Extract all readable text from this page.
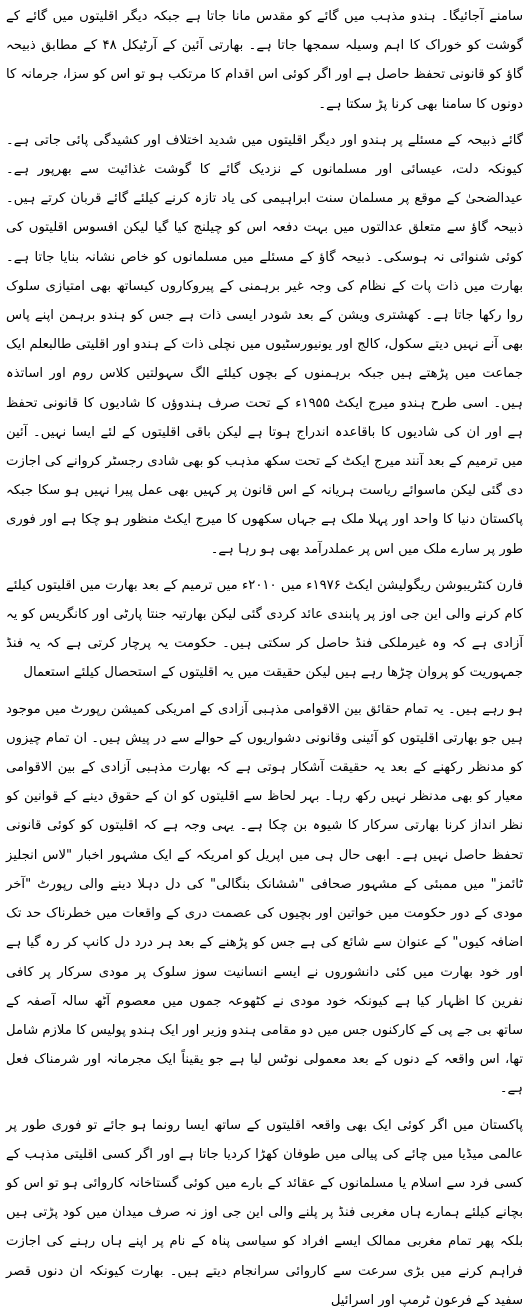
سامنے آجائیگا۔ ہندو مذہب میں گائے کو مقدس مانا جاتا ہے جبکہ دیگر اقلیتوں میں گائے کے گوشت کو خوراک کا اہم وسیلہ سمجھا جاتا ہے۔ بھارتی آئین کے آرٹیکل ۴۸ کے مطابق ذبیحہ گاؤ کو قانونی تحفظ حاصل ہے اور اگر کوئی اس اقدام کا مرتکب ہو تو اس کو سزا، جرمانہ کا دونوں کا سامنا بھی کرنا پڑ سکتا ہے۔

گائے ذبیحہ کے مسئلے پر ہندو اور دیگر اقلیتوں میں شدید اختلاف اور کشیدگی پائی جاتی ہے۔ کیونکہ دلت، عیسائی اور مسلمانوں کے نزدیک گائے کا گوشت غذائیت سے بھرپور ہے۔ عیدالضحیٰ کے موقع پر مسلمان سنت ابراہیمی کی یاد تازہ کرنے کیلئے گائے قربان کرتے ہیں۔ ذبیحہ گاؤ سے متعلق عدالتوں میں بہت دفعہ اس کو چیلنج کیا گیا لیکن افسوس اقلیتوں کی کوئی شنوائی نہ ہوسکی۔ ذبیحہ گاؤ کے مسئلے میں مسلمانوں کو خاص نشانہ بنایا جاتا ہے۔ بھارت میں ذات پات کے نظام کی وجہ غیر برہمنی کے پیروکاروں کیساتھ بھی امتیازی سلوک روا رکھا جاتا ہے۔ کھشتری ویشن کے بعد شودر ایسی ذات ہے جس کو ہندو برہمن اپنے پاس بھی آنے نہیں دیتے سکول، کالج اور یونیورسٹیوں میں نچلی ذات کے ہندو اور اقلیتی طالبعلم ایک جماعت میں پڑھتے ہیں جبکہ برہمنوں کے بچوں کیلئے الگ سہولتیں کلاس روم اور اساتذہ ہیں۔ اسی طرح ہندو میرج ایکٹ ۱۹۵۵ء کے تحت صرف ہندوؤں کا شادیوں کا قانونی تحفظ ہے اور ان کی شادیوں کا باقاعدہ اندراج ہوتا ہے لیکن باقی اقلیتوں کے لئے ایسا نہیں۔ آئین میں ترمیم کے بعد آنند میرج ایکٹ کے تحت سکھ مذہب کو بھی شادی رجسٹر کروانے کی اجازت دی گئی لیکن ماسوائے ریاست ہریانہ کے اس قانون پر کہیں بھی عمل پیرا نہیں ہو سکا جبکہ پاکستان دنیا کا واحد اور پہلا ملک ہے جہاں سکھوں کا میرج ایکٹ منظور ہو چکا ہے اور فوری طور پر سارے ملک میں اس پر عملدرآمد بھی ہو رہا ہے۔

فارن کنٹریبوشن ریگولیشن ایکٹ ۱۹۷۶ء میں ۲۰۱۰ء میں ترمیم کے بعد بھارت میں اقلیتوں کیلئے کام کرنے والی این جی اوز پر پابندی عائد کردی گئی لیکن بھارتیہ جنتا پارٹی اور کانگریس کو یہ آزادی ہے کہ وہ غیرملکی فنڈ حاصل کر سکتی ہیں۔ حکومت یہ پرچار کرتی ہے کہ یہ فنڈ جمہوریت کو پروان چڑھا رہے ہیں لیکن حقیقت میں یہ اقلیتوں کے استحصال کیلئے استعمال

ہو رہے ہیں۔ یہ تمام حقائق بین الاقوامی مذہبی آزادی کے امریکی کمیشن رپورٹ میں موجود ہیں جو بھارتی اقلیتوں کو آئینی وقانونی دشواریوں کے حوالے سے در پیش ہیں۔ ان تمام چیزوں کو مدنظر رکھنے کے بعد یہ حقیقت آشکار ہوتی ہے کہ بھارت مذہبی آزادی کے بین الاقوامی معیار کو بھی مدنظر نہیں رکھ رہا۔ بہر لحاظ سے اقلیتوں کو ان کے حقوق دینے کے قوانین کو نظر انداز کرنا بھارتی سرکار کا شیوہ بن چکا ہے۔ یہی وجہ ہے کہ اقلیتوں کو کوئی قانونی تحفظ حاصل نہیں ہے۔ ابھی حال ہی میں اپریل کو امریکہ کے ایک مشہور اخبار "لاس انجلیز ٹائمز" میں ممبئی کے مشہور صحافی "ششانک بنگالی" کی دل دہلا دینے والی رپورٹ "آخر مودی کے دور حکومت میں خواتین اور بچیوں کی عصمت دری کے واقعات میں خطرناک حد تک اضافہ کیوں" کے عنوان سے شائع کی ہے جس کو پڑھنے کے بعد ہر درد دل کانپ کر رہ گیا ہے اور خود بھارت میں کئی دانشوروں نے ایسے انسانیت سوز سلوک پر مودی سرکار پر کافی نفرین کا اظہار کیا ہے کیونکہ خود مودی نے کٹھوعہ جموں میں معصوم آٹھ سالہ آصفہ کے ساتھ بی جے پی کے کارکنوں جس میں دو مقامی ہندو وزیر اور ایک ہندو پولیس کا ملازم شامل تھا، اس واقعہ کے دنوں کے بعد معمولی نوٹس لیا ہے جو یقیناً ایک مجرمانہ اور شرمناک فعل ہے۔

پاکستان میں اگر کوئی ایک بھی واقعہ اقلیتوں کے ساتھ ایسا رونما ہو جائے تو فوری طور پر عالمی میڈیا میں چائے کی پیالی میں طوفان کھڑا کردیا جاتا ہے اور اگر کسی اقلیتی مذہب کے کسی فرد سے اسلام یا مسلمانوں کے عقائد کے بارے میں کوئی گستاخانہ کاروائی ہو تو اس کو بچانے کیلئے ہمارے ہاں مغربی فنڈ پر پلنے والی این جی اوز نہ صرف میدان میں کود پڑتی ہیں بلکہ پھر تمام مغربی ممالک ایسے افراد کو سیاسی پناہ کے نام پر اپنے ہاں رہنے کی اجازت فراہم کرنے میں بڑی سرعت سے کاروائی سرانجام دیتے ہیں۔ بھارت کیونکہ ان دنوں قصر سفید کے فرعون ٹرمپ اور اسرائیل
